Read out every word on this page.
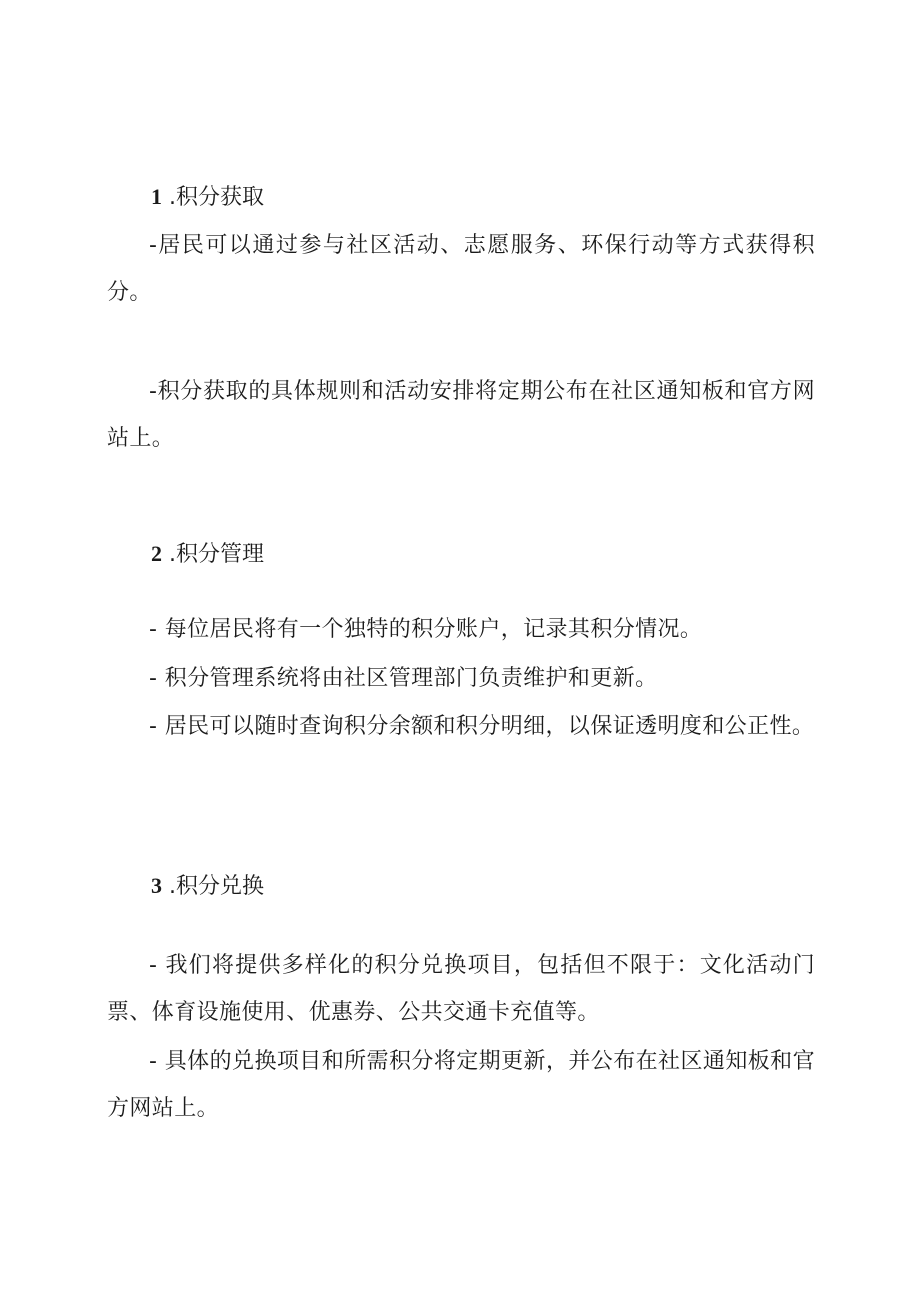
1 .积分获取
-居民可以通过参与社区活动、志愿服务、环保行动等方式获得积分。
-积分获取的具体规则和活动安排将定期公布在社区通知板和官方网站上。
2 .积分管理
- 每位居民将有一个独特的积分账户，记录其积分情况。
- 积分管理系统将由社区管理部门负责维护和更新。
- 居民可以随时查询积分余额和积分明细，以保证透明度和公正性。
3 .积分兑换
- 我们将提供多样化的积分兑换项目，包括但不限于：文化活动门票、体育设施使用、优惠券、公共交通卡充值等。
- 具体的兑换项目和所需积分将定期更新，并公布在社区通知板和官方网站上。
